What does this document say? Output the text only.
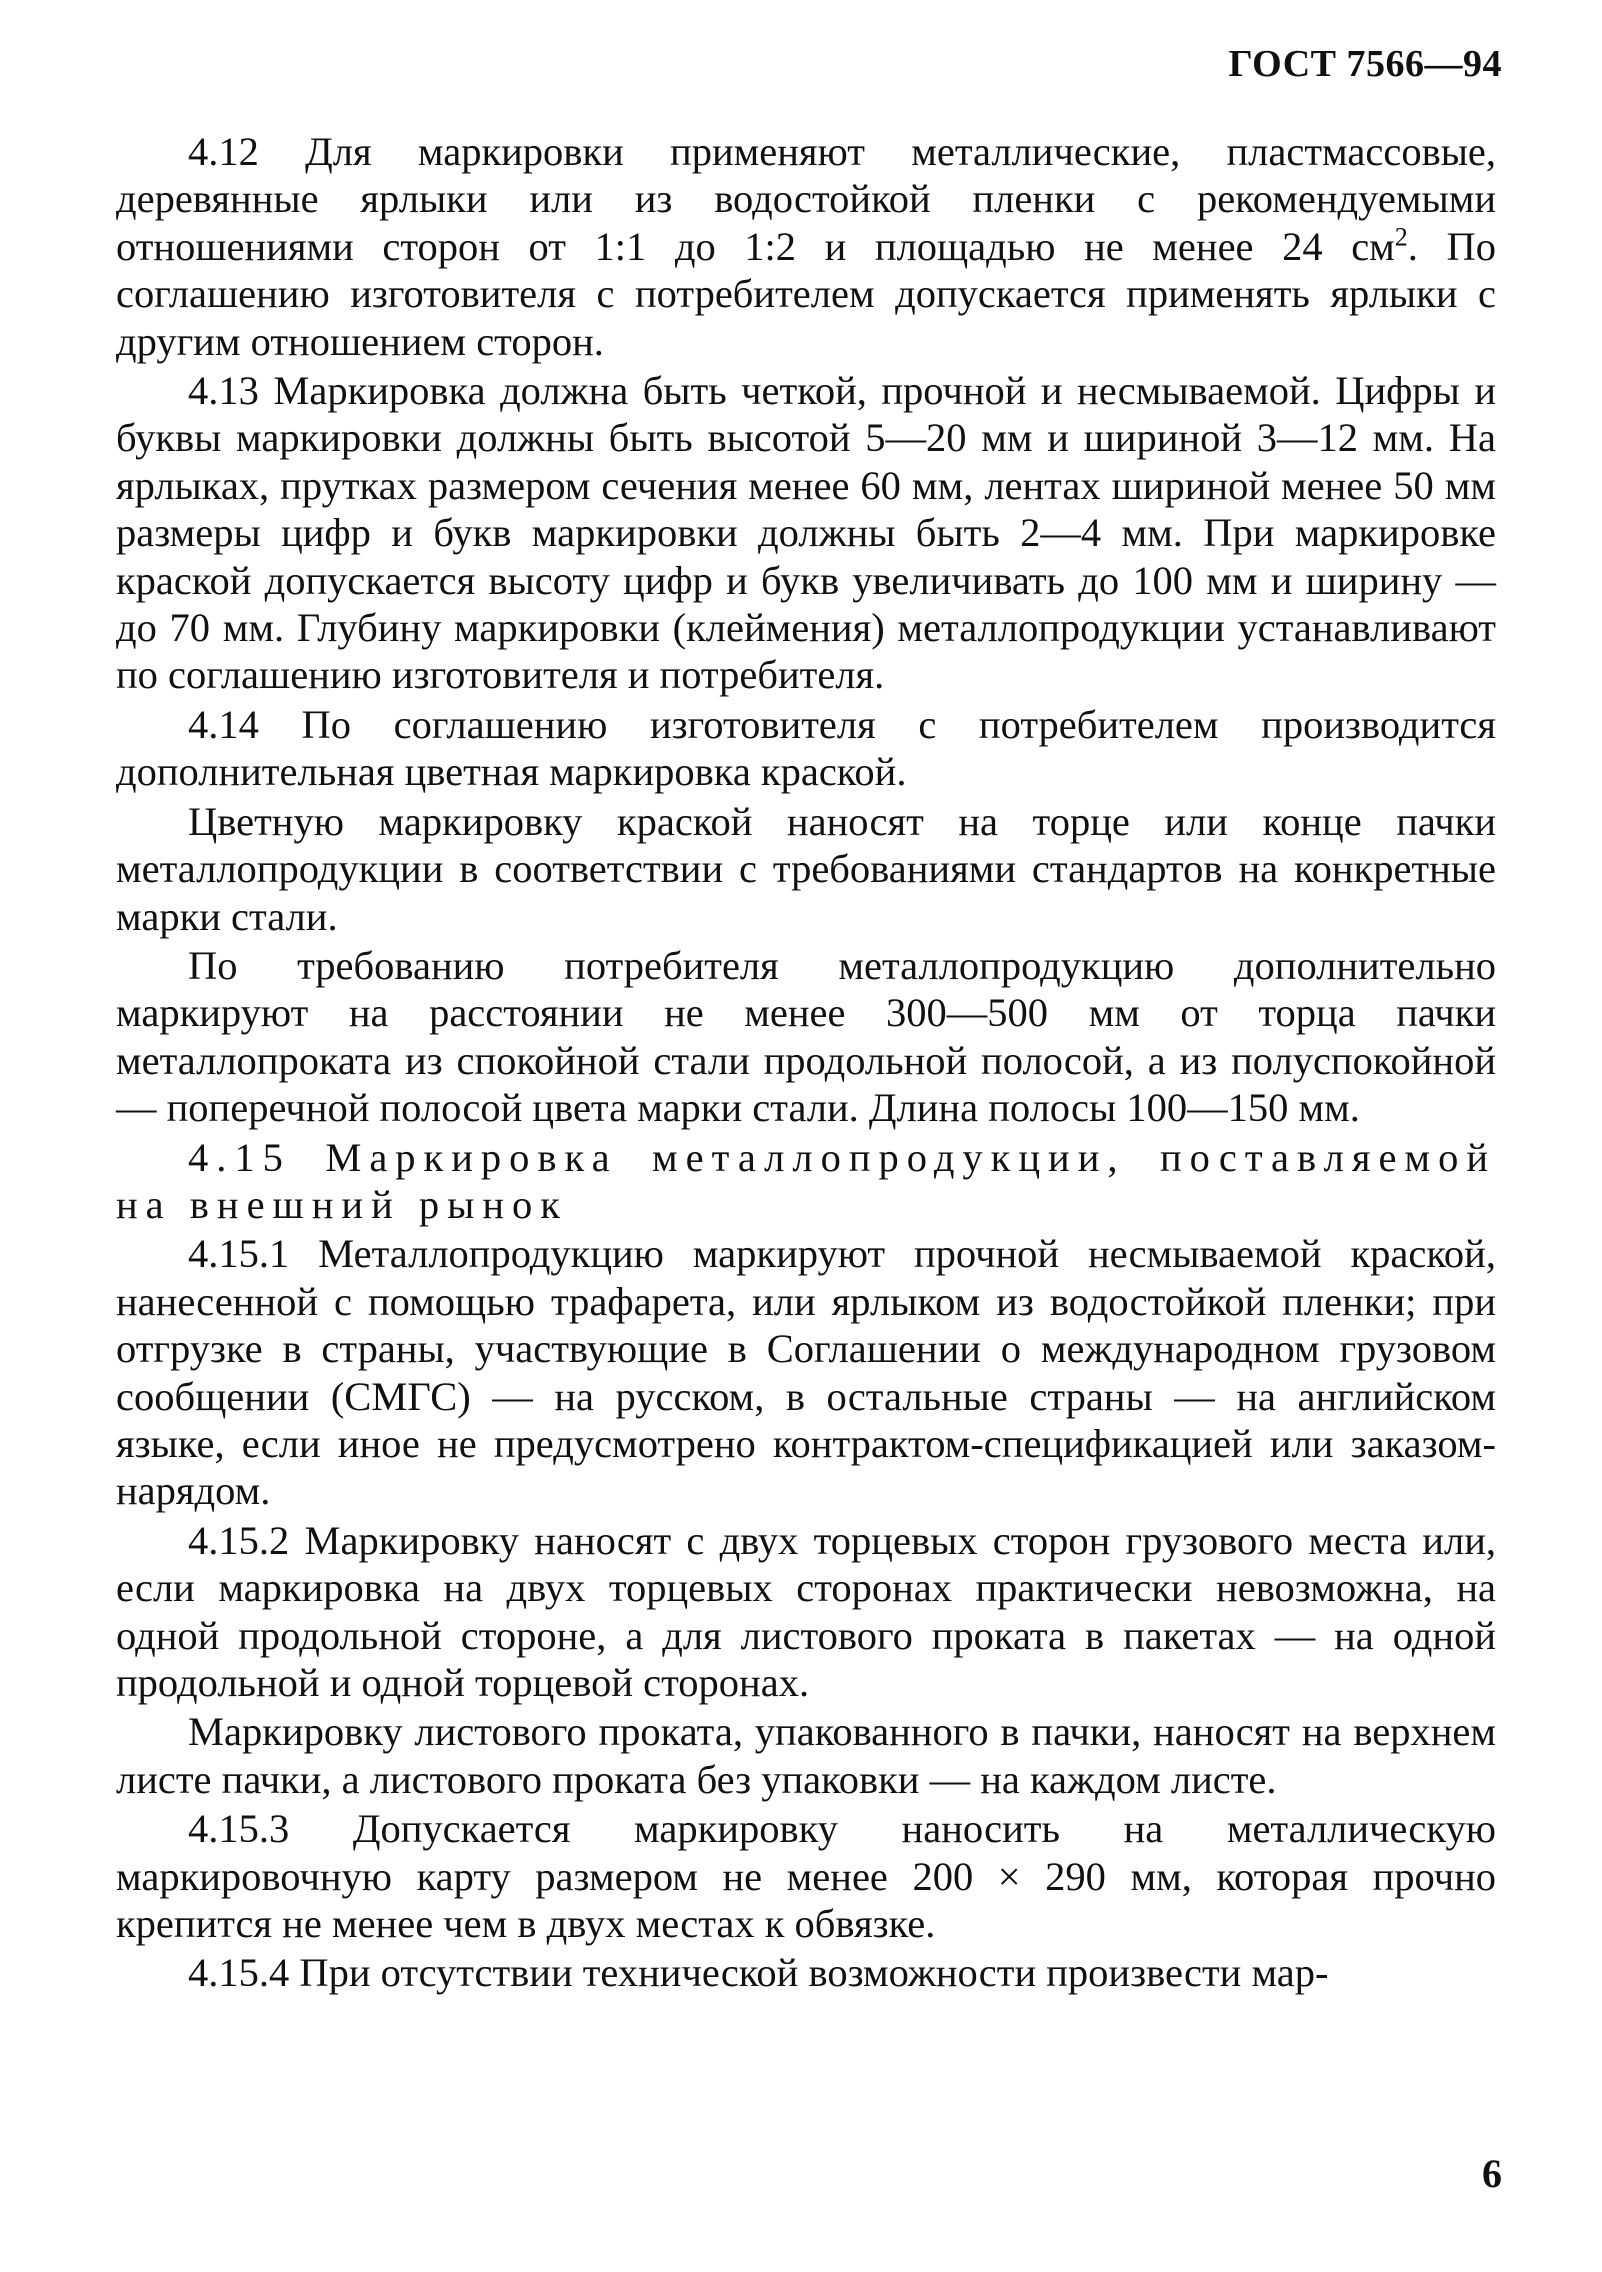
ГОСТ 7566—94

4.12 Для маркировки применяют металлические, пластмассовые, деревянные ярлыки или из водостойкой пленки с рекомендуемыми отношениями сторон от 1:1 до 1:2 и площадью не менее 24 $см^2$. По соглашению изготовителя с потребителем допускается применять ярлыки с другим отношением сторон.

4.13 Маркировка должна быть четкой, прочной и несмываемой. Цифры и буквы маркировки должны быть высотой 5—20 мм и шириной 3—12 мм. На ярлыках, прутках размером сечения менее 60 мм, лентах шириной менее 50 мм размеры цифр и букв маркировки должны быть 2—4 мм. При маркировке краской допускается высоту цифр и букв увеличивать до 100 мм и ширину — до 70 мм. Глубину маркировки (клеймения) металлопродукции устанавливают по соглашению изготовителя и потребителя.

4.14 По соглашению изготовителя с потребителем производится дополнительная цветная маркировка краской.

Цветную маркировку краской наносят на торце или конце пачки металлопродукции в соответствии с требованиями стандартов на конкретные марки стали.

По требованию потребителя металлопродукцию дополнительно маркируют на расстоянии не менее 300—500 мм от торца пачки металлопроката из спокойной стали продольной полосой, а из полуспокойной — поперечной полосой цвета марки стали. Длина полосы 100—150 мм.

4.15 Маркировка металлопродукции, поставляемой на внешний рынок

4.15.1 Металлопродукцию маркируют прочной несмываемой краской, нанесенной с помощью трафарета, или ярлыком из водостойкой пленки; при отгрузке в страны, участвующие в Соглашении о международном грузовом сообщении (СМГС) — на русском, в остальные страны — на английском языке, если иное не предусмотрено контрактом-спецификацией или заказом-нарядом.

4.15.2 Маркировку наносят с двух торцевых сторон грузового места или, если маркировка на двух торцевых сторонах практически невозможна, на одной продольной стороне, а для листового проката в пакетах — на одной продольной и одной торцевой сторонах.

Маркировку листового проката, упакованного в пачки, наносят на верхнем листе пачки, а листового проката без упаковки — на каждом листе.

4.15.3 Допускается маркировку наносить на металлическую маркировочную карту размером не менее 200 × 290 мм, которая прочно крепится не менее чем в двух местах к обвязке.

4.15.4 При отсутствии технической возможности произвести мар-

6
